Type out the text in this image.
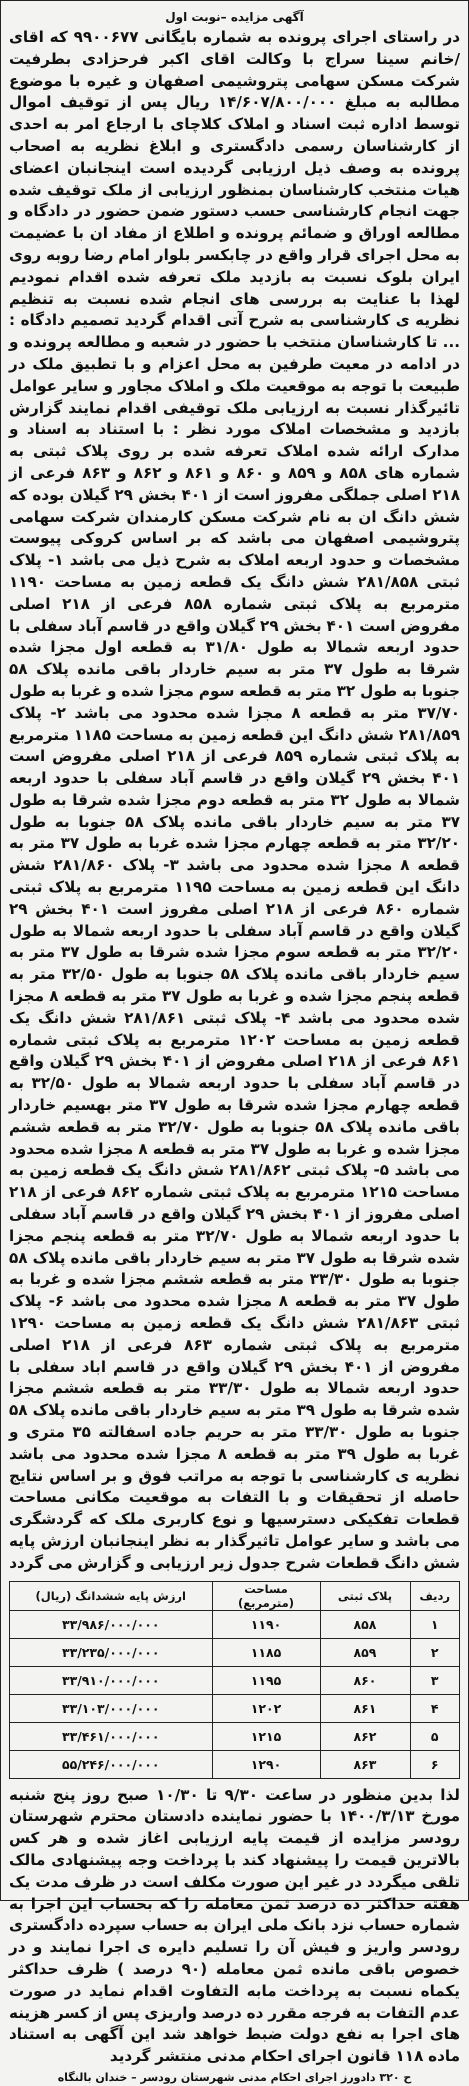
آگهی مزایده –نوبت اول
در راستای اجرای پرونده به شماره بایگانی ۹۹۰۰۶۷۷ که اقای /خانم سینا سراج با وکالت اقای اکبر فرحزادی بطرفیت شرکت مسکن سهامی پتروشیمی اصفهان و غیره با موضوع مطالبه به مبلغ ۱۴/۶۰۷/۸۰۰/۰۰۰ ریال پس از توقیف اموال توسط اداره ثبت اسناد و املاک کلاچای با ارجاع امر به احدی از کارشناسان رسمی دادگستری و ابلاغ نظریه به اصحاب پرونده به وصف ذیل ارزیابی گردیده است اینجانبان اعضای هیات منتخب کارشناسان بمنظور ارزیابی از ملک توقیف شده جهت انجام کارشناسی حسب دستور ضمن حضور در دادگاه و مطالعه اوراق و ضمائم پرونده و اطلاع از مفاد ان با عضیمت به محل اجرای قرار واقع در چابکسر بلوار امام رضا روبه روی ایران بلوک نسبت به بازدید ملک تعرفه شده اقدام نمودیم لهذا با عنایت به بررسی های انجام شده نسبت به تنظیم نظریه ی کارشناسی به شرح آتی اقدام گردید تصمیم دادگاه : ... تا کارشناسان منتخب با حضور در شعبه و مطالعه پرونده و در ادامه در معیت طرفین به محل اعزام و با تطبیق ملک در طبیعت با توجه به موقعیت ملک و املاک مجاور و سایر عوامل تائیرگذار نسبت به ارزیابی ملک توقیفی اقدام نمایند گزارش بازدید و مشخصات املاک مورد نظر : با استناد به اسناد و مدارک ارائه شده املاک تعرفه شده بر روی پلاک ثبتی به شماره های ۸۵۸ و ۸۵۹ و ۸۶۰ و ۸۶۱ و ۸۶۲ و ۸۶۳ فرعی از ۲۱۸ اصلی جملگی مفروز است از ۴۰۱ بخش ۲۹ گیلان بوده که شش دانگ ان به نام شرکت مسکن کارمندان شرکت سهامی پتروشیمی اصفهان می باشد که بر اساس کروکی پیوست مشخصات و حدود اربعه املاک به شرح ذیل می باشد ۱- پلاک ثبتی ۲۸۱/۸۵۸ شش دانگ یک قطعه زمین به مساحت ۱۱۹۰ مترمربع به پلاک ثبتی شماره ۸۵۸ فرعی از ۲۱۸ اصلی مفروض است ۴۰۱ بخش ۲۹ گیلان واقع در قاسم آباد سفلی با حدود اربعه شمالا به طول ۳۱/۸۰ به قطعه اول مجزا شده شرقا به طول ۳۷ متر به سیم خاردار باقی مانده پلاک ۵۸ جنوبا به طول ۳۲ متر به قطعه سوم مجزا شده و غربا به طول ۳۷/۷۰ متر به قطعه ۸ مجزا شده محدود می باشد ۲- پلاک ۲۸۱/۸۵۹ شش دانگ این قطعه زمین به مساحت ۱۱۸۵ مترمربع به پلاک ثبتی شماره ۸۵۹ فرعی از ۲۱۸ اصلی مفروض است ۴۰۱ بخش ۲۹ گیلان واقع در قاسم آباد سفلی با حدود اربعه شمالا به طول ۳۲ متر به قطعه دوم مجزا شده شرقا به طول ۳۷ متر به سیم خاردار باقی مانده پلاک ۵۸ جنوبا به طول ۳۲/۲۰ متر به قطعه چهارم مجزا شده غربا به طول ۳۷ متر به قطعه ۸ مجزا شده محدود می باشد ۳- پلاک ۲۸۱/۸۶۰ شش دانگ این قطعه زمین به مساحت ۱۱۹۵ مترمربع به پلاک ثبتی شماره ۸۶۰ فرعی از ۲۱۸ اصلی مفروز است ۴۰۱ بخش ۲۹ گیلان واقع در قاسم آباد سفلی با حدود اربعه شمالا به طول ۳۲/۲۰ متر به قطعه سوم مجزا شده شرقا به طول ۳۷ متر به سیم خاردار باقی مانده پلاک ۵۸ جنوبا به طول ۳۲/۵۰ متر به قطعه پنجم مجزا شده و غربا به طول ۳۷ متر به قطعه ۸ مجزا شده محدود می باشد ۴- پلاک ثبتی ۲۸۱/۸۶۱ شش دانگ یک قطعه زمین به مساحت ۱۲۰۲ مترمربع به پلاک ثبتی شماره ۸۶۱ فرعی از ۲۱۸ اصلی مفروض از ۴۰۱ بخش ۲۹ گیلان واقع در قاسم آباد سفلی با حدود اربعه شمالا به طول ۳۲/۵۰ به قطعه چهارم مجزا شده شرقا به طول ۳۷ متر بهسیم خاردار باقی مانده پلاک ۵۸ جنوبا به طول ۳۲/۷۰ متر به قطعه ششم مجزا شده و غربا به طول ۳۷ متر به قطعه ۸ مجزا شده محدود می باشد ۵- پلاک ثبتی ۲۸۱/۸۶۲ شش دانگ یک قطعه زمین به مساحت ۱۲۱۵ مترمربع به پلاک ثبتی شماره ۸۶۲ فرعی از ۲۱۸ اصلی مفروز از ۴۰۱ بخش ۲۹ گیلان واقع در قاسم آباد سفلی با حدود اربعه شمالا به طول ۳۲/۷۰ متر به قطعه پنجم مجزا شده شرقا به طول ۳۷ متر به سیم خاردار باقی مانده پلاک ۵۸ جنوبا به طول ۳۳/۳۰ متر به قطعه ششم مجزا شده و غربا به طول ۳۷ متر به قطعه ۸ مجزا شده محدود می باشد ۶- پلاک ثبتی ۲۸۱/۸۶۳ شش دانگ یک قطعه زمین به مساحت ۱۲۹۰ مترمربع به پلاک ثبتی شماره ۸۶۳ فرعی از ۲۱۸ اصلی مفروض از ۴۰۱ بخش ۲۹ گیلان واقع در قاسم اباد سفلی با حدود اربعه شمالا به طول ۳۳/۳۰ متر به قطعه ششم مجزا شده شرقا به طول ۳۹ متر به سیم خاردار باقی مانده پلاک ۵۸ جنوبا به طول ۳۳/۳۰ متر به حریم جاده اسفالته ۳۵ متری و غربا به طول ۳۹ متر به قطعه ۸ مجزا شده محدود می باشد نظریه ی کارشناسی با توجه به مراتب فوق و بر اساس نتایج حاصله از تحقیقات و با التفات به موقعیت مکانی مساحت قطعات تفکیکی دسترسیها و نوع کاربری ملک که گردشگری می باشد و سایر عوامل تاثیرگذار به نظر اینجانبان ارزش پایه شش دانگ قطعات شرح جدول زیر ارزیابی و گزارش می گردد
ردیف	پلاک ثبتی	مساحت (مترمربع)	ارزش پایه ششدانگ (ریال)
۱	۸۵۸	۱۱۹۰	۳۳/۹۸۶/۰۰۰/۰۰۰
۲	۸۵۹	۱۱۸۵	۳۳/۲۳۵/۰۰۰/۰۰۰
۳	۸۶۰	۱۱۹۵	۳۳/۹۱۰/۰۰۰/۰۰۰
۴	۸۶۱	۱۲۰۲	۳۳/۱۰۳/۰۰۰/۰۰۰
۵	۸۶۲	۱۲۱۵	۳۳/۴۶۱/۰۰۰/۰۰۰
۶	۸۶۳	۱۲۹۰	۵۵/۲۴۶/۰۰۰/۰۰۰
لذا بدین منظور در ساعت ۹/۳۰ تا ۱۰/۳۰ صبح روز پنج شنبه مورخ ۱۴۰۰/۳/۱۳ با حضور نماینده دادستان محترم شهرستان رودسر مزایده از قیمت پایه ارزیابی اغاز شده و هر کس بالاترین قیمت را پیشنهاد کند با پرداخت وجه پیشنهادی مالک تلقی میگردد در غیر این صورت مکلف است در ظرف مدت یک هفته حداکثر ده درصد ثمن معامله را که بحساب این اجرا به شماره حساب نزد بانک ملی ایران به حساب سپرده دادگستری رودسر واریز و فیش آن را تسلیم دایره ی اجرا نمایند و در خصوص باقی مانده ثمن معامله (۹۰ درصد ) ظرف حداکثر یکماه نسبت به پرداخت مابه التفاوت اقدام نماید در صورت عدم التفات به فرجه مقرر ده درصد واریزی پس از کسر هزینه های اجرا به نفع دولت ضبط خواهد شد این آگهی به استناد ماده ۱۱۸ قانون اجرای احکام مدنی منتشر گردید
ح ۳۲۰ دادورز اجرای احکام مدنی شهرستان رودسر – خندان بالنگاه
